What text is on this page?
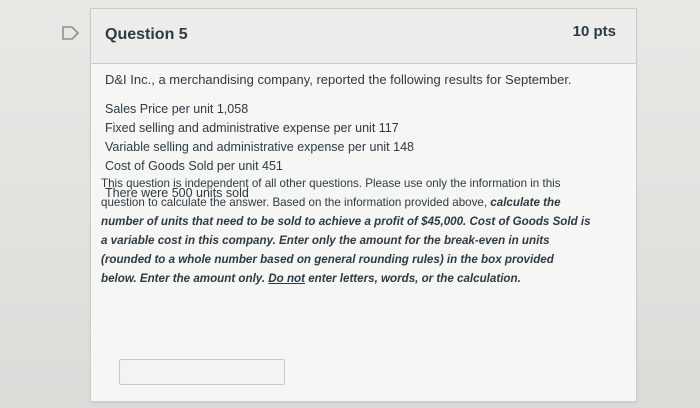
Question 5	10 pts

D&I Inc., a merchandising company, reported the following results for September.

Sales Price per unit 1,058
Fixed selling and administrative expense per unit 117
Variable selling and administrative expense per unit 148
Cost of Goods Sold per unit 451
There were 500 units sold
This question is independent of all other questions. Please use only the information in this question to calculate the answer. Based on the information provided above, calculate the number of units that need to be sold to achieve a profit of $45,000. Cost of Goods Sold is a variable cost in this company. Enter only the amount for the break-even in units (rounded to a whole number based on general rounding rules) in the box provided below. Enter the amount only. Do not enter letters, words, or the calculation.
